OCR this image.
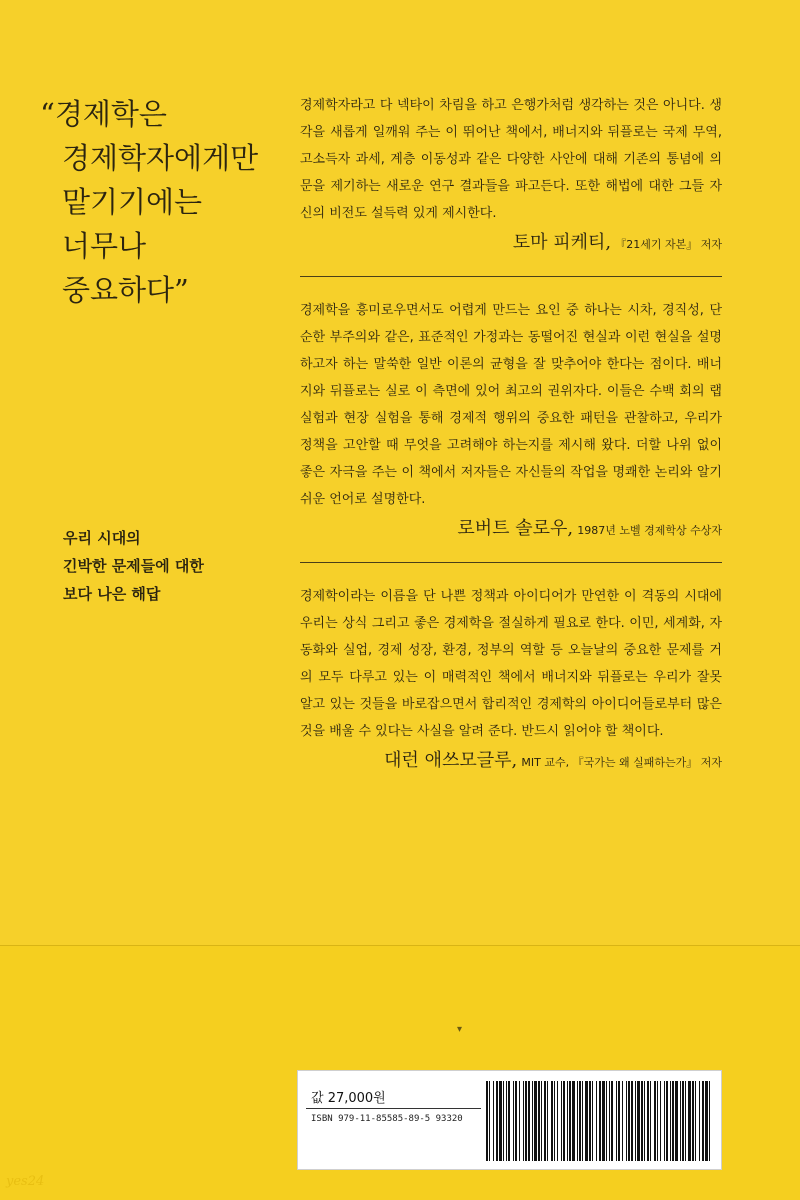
“경제학은
경제학자에게만
맡기기에는
너무나
중요하다”
우리 시대의
긴박한 문제들에 대한
보다 나은 해답

경제학자라고 다 넥타이 차림을 하고 은행가처럼 생각하는 것은 아니다. 생각을 새롭게 일깨워 주는 이 뛰어난 책에서, 배너지와 뒤플로는 국제 무역, 고소득자 과세, 계층 이동성과 같은 다양한 사안에 대해 기존의 통념에 의문을 제기하는 새로운 연구 결과들을 파고든다. 또한 해법에 대한 그들 자신의 비전도 설득력 있게 제시한다.

토마 피케티, 『21세기 자본』 저자

경제학을 흥미로우면서도 어렵게 만드는 요인 중 하나는 시차, 경직성, 단순한 부주의와 같은, 표준적인 가정과는 동떨어진 현실과 이런 현실을 설명하고자 하는 말쑥한 일반 이론의 균형을 잘 맞추어야 한다는 점이다. 배너지와 뒤플로는 실로 이 측면에 있어 최고의 권위자다. 이들은 수백 회의 랩 실험과 현장 실험을 통해 경제적 행위의 중요한 패턴을 관찰하고, 우리가 정책을 고안할 때 무엇을 고려해야 하는지를 제시해 왔다. 더할 나위 없이 좋은 자극을 주는 이 책에서 저자들은 자신들의 작업을 명쾌한 논리와 알기 쉬운 언어로 설명한다.

로버트 솔로우, 1987년 노벨 경제학상 수상자

경제학이라는 이름을 단 나쁜 정책과 아이디어가 만연한 이 격동의 시대에 우리는 상식 그리고 좋은 경제학을 절실하게 필요로 한다. 이민, 세계화, 자동화와 실업, 경제 성장, 환경, 정부의 역할 등 오늘날의 중요한 문제를 거의 모두 다루고 있는 이 매력적인 책에서 배너지와 뒤플로는 우리가 잘못 알고 있는 것들을 바로잡으면서 합리적인 경제학의 아이디어들로부터 많은 것을 배울 수 있다는 사실을 알려 준다. 반드시 읽어야 할 책이다.

대런 애쓰모글루, MIT 교수, 『국가는 왜 실패하는가』 저자
▾
값 27,000원
ISBN 979-11-85585-89-5 93320
yes24
